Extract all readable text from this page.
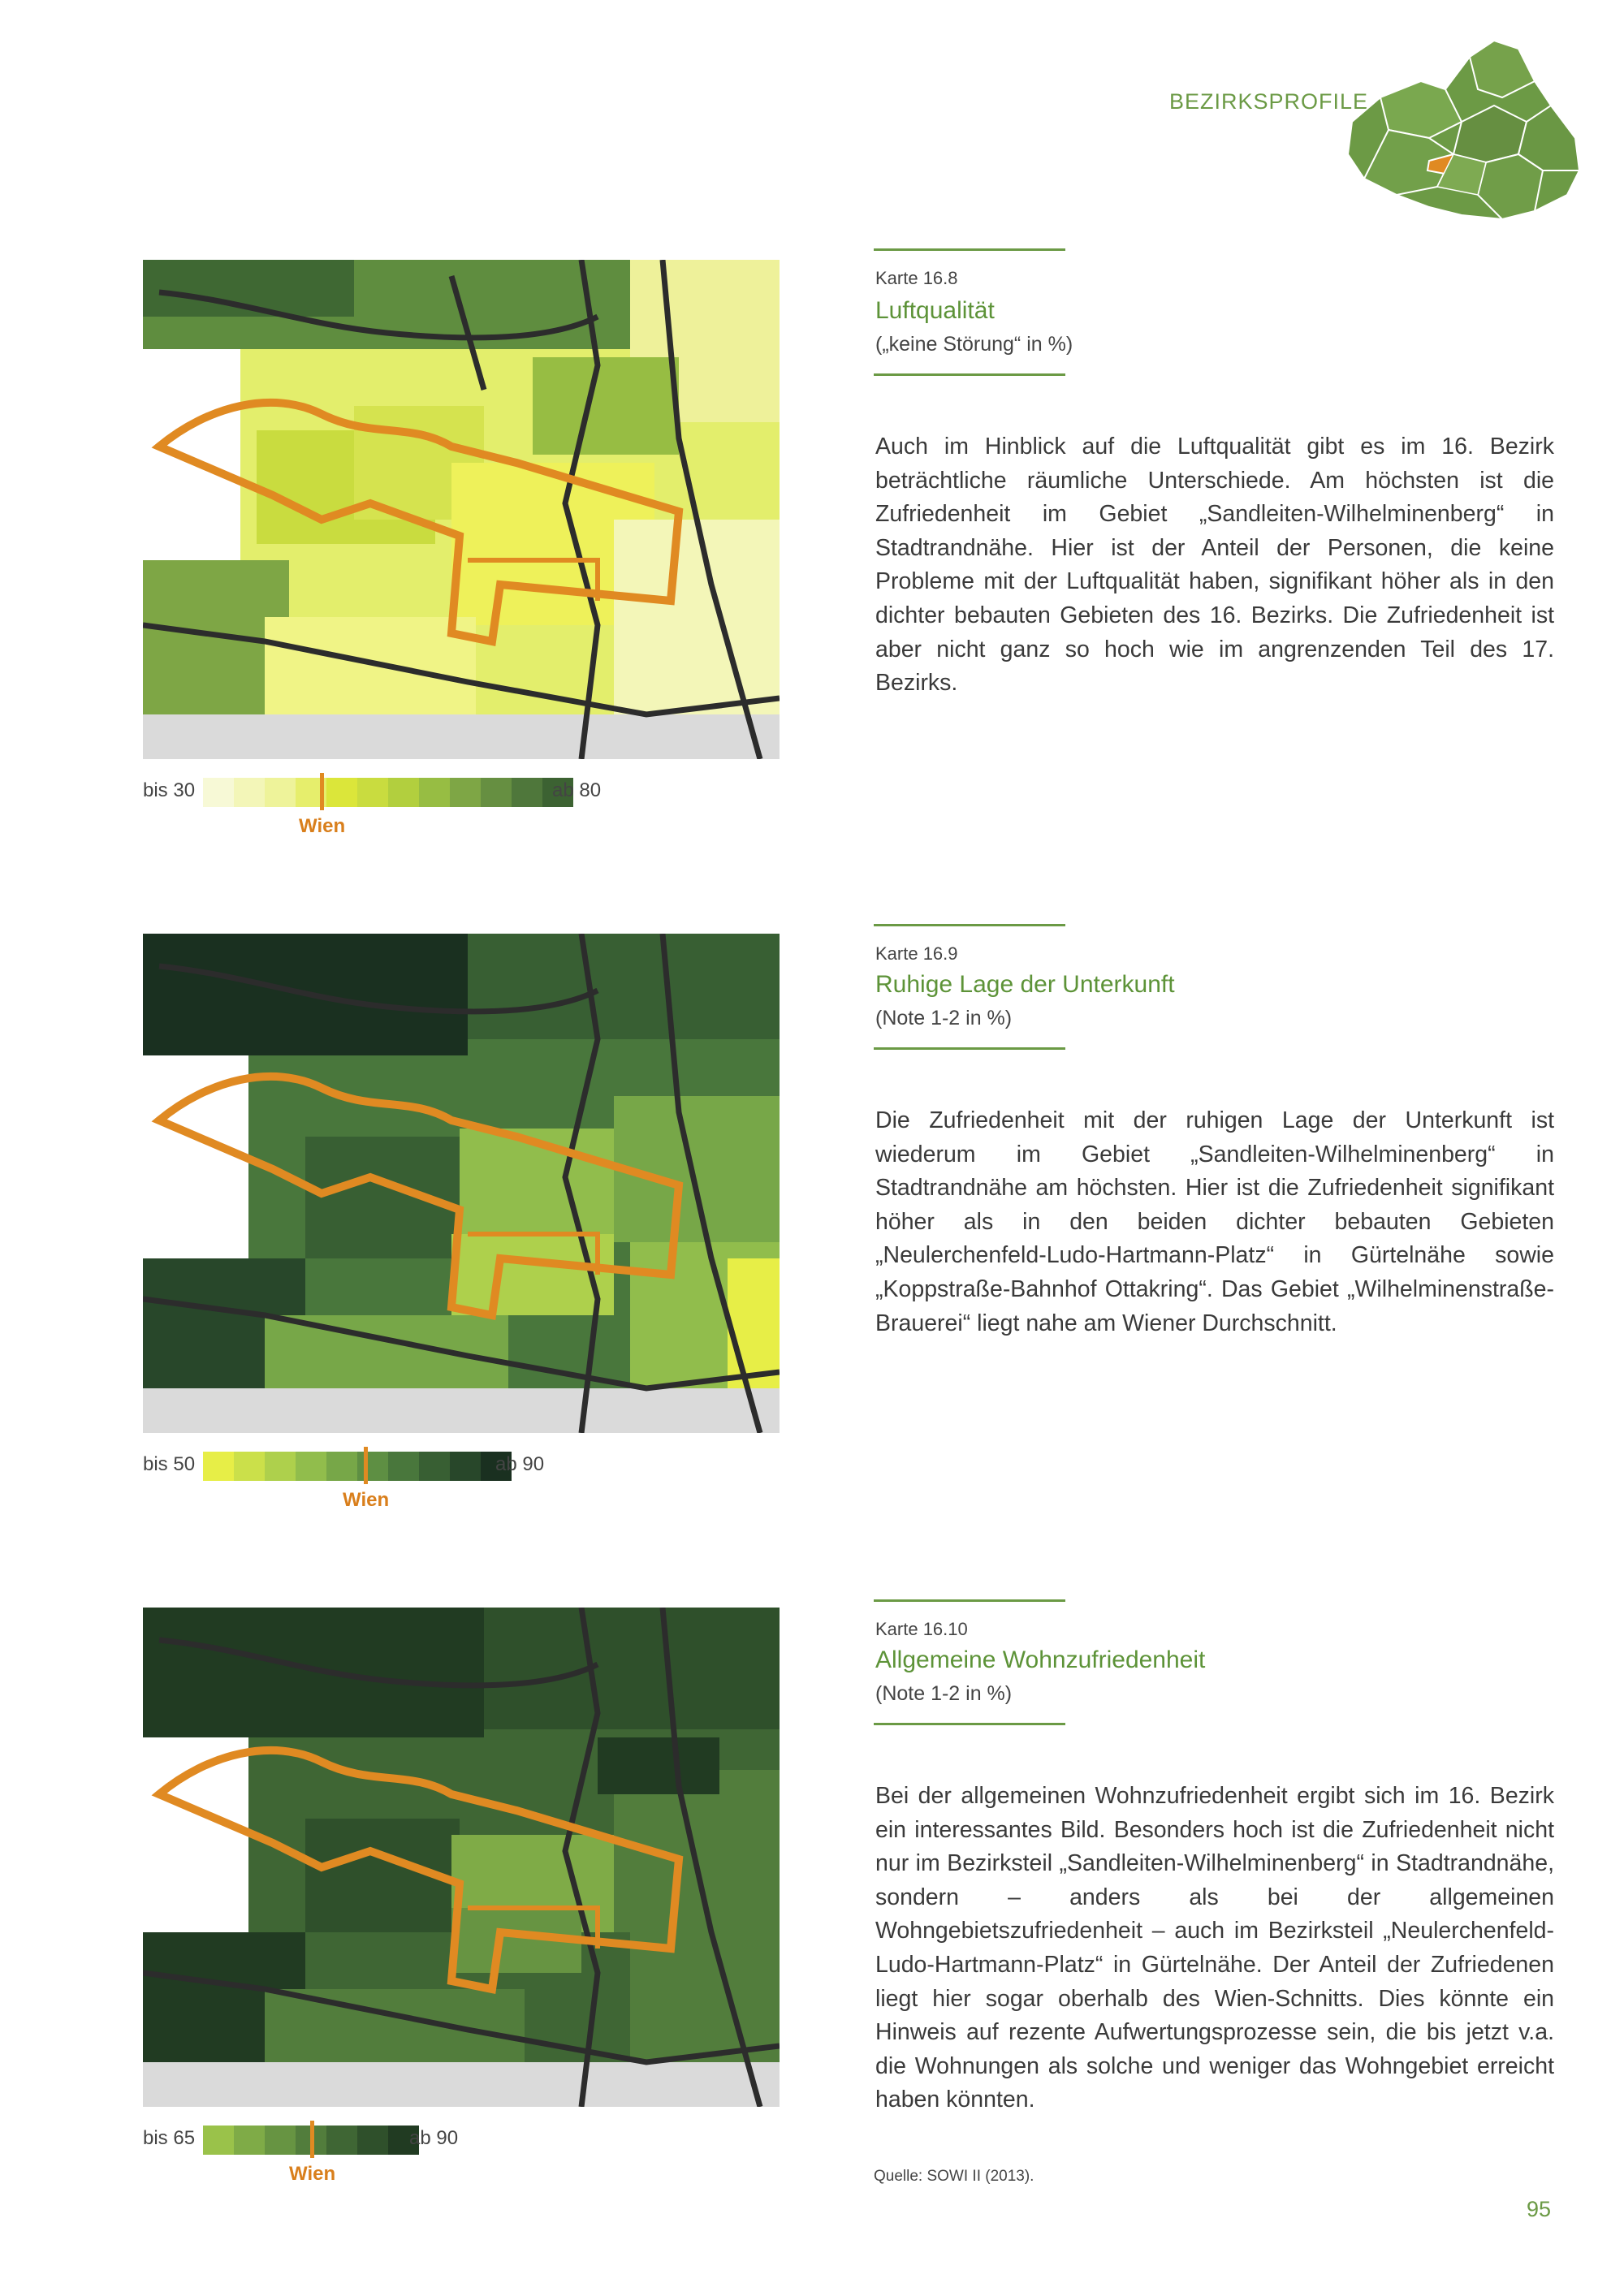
BEZIRKSPROFILE
bis 30
Wien
ab 80
Karte 16.8
Luftqualität
(„keine Störung“ in %)

Auch im Hinblick auf die Luftqualität gibt es im 16. Bezirk beträchtliche räumliche Unterschiede. Am höchsten ist die Zufriedenheit im Gebiet „Sandleiten-Wilhelminenberg“ in Stadtrandnähe. Hier ist der Anteil der Personen, die keine Probleme mit der Luftqualität haben, signifikant höher als in den dichter bebauten Gebieten des 16. Bezirks. Die Zufriedenheit ist aber nicht ganz so hoch wie im angrenzenden Teil des 17. Bezirks.

bis 50
Wien
ab 90
Karte 16.9
Ruhige Lage der Unterkunft
(Note 1-2 in %)

Die Zufriedenheit mit der ruhigen Lage der Unterkunft ist wiederum im Gebiet „Sandleiten-Wilhelminenberg“ in Stadtrandnähe am höchsten. Hier ist die Zufriedenheit signifikant höher als in den beiden dichter bebauten Gebieten „Neulerchenfeld-Ludo-Hartmann-Platz“ in Gürtelnähe sowie „Koppstraße-Bahnhof Ottakring“. Das Gebiet „Wilhelminenstraße-Brauerei“ liegt nahe am Wiener Durchschnitt.

bis 65
Wien
ab 90
Karte 16.10
Allgemeine Wohnzufriedenheit
(Note 1-2 in %)

Bei der allgemeinen Wohnzufriedenheit ergibt sich im 16. Bezirk ein interessantes Bild. Besonders hoch ist die Zufriedenheit nicht nur im Bezirksteil „Sandleiten-Wilhelminenberg“ in Stadtrandnähe, sondern – anders als bei der allgemeinen Wohngebietszufriedenheit – auch im Bezirksteil „Neulerchenfeld-Ludo-Hartmann-Platz“ in Gürtelnähe. Der Anteil der Zufriedenen liegt hier sogar oberhalb des Wien-Schnitts. Dies könnte ein Hinweis auf rezente Aufwertungsprozesse sein, die bis jetzt v.a. die Wohnungen als solche und weniger das Wohngebiet erreicht haben könnten.

Quelle: SOWI II (2013).
95
